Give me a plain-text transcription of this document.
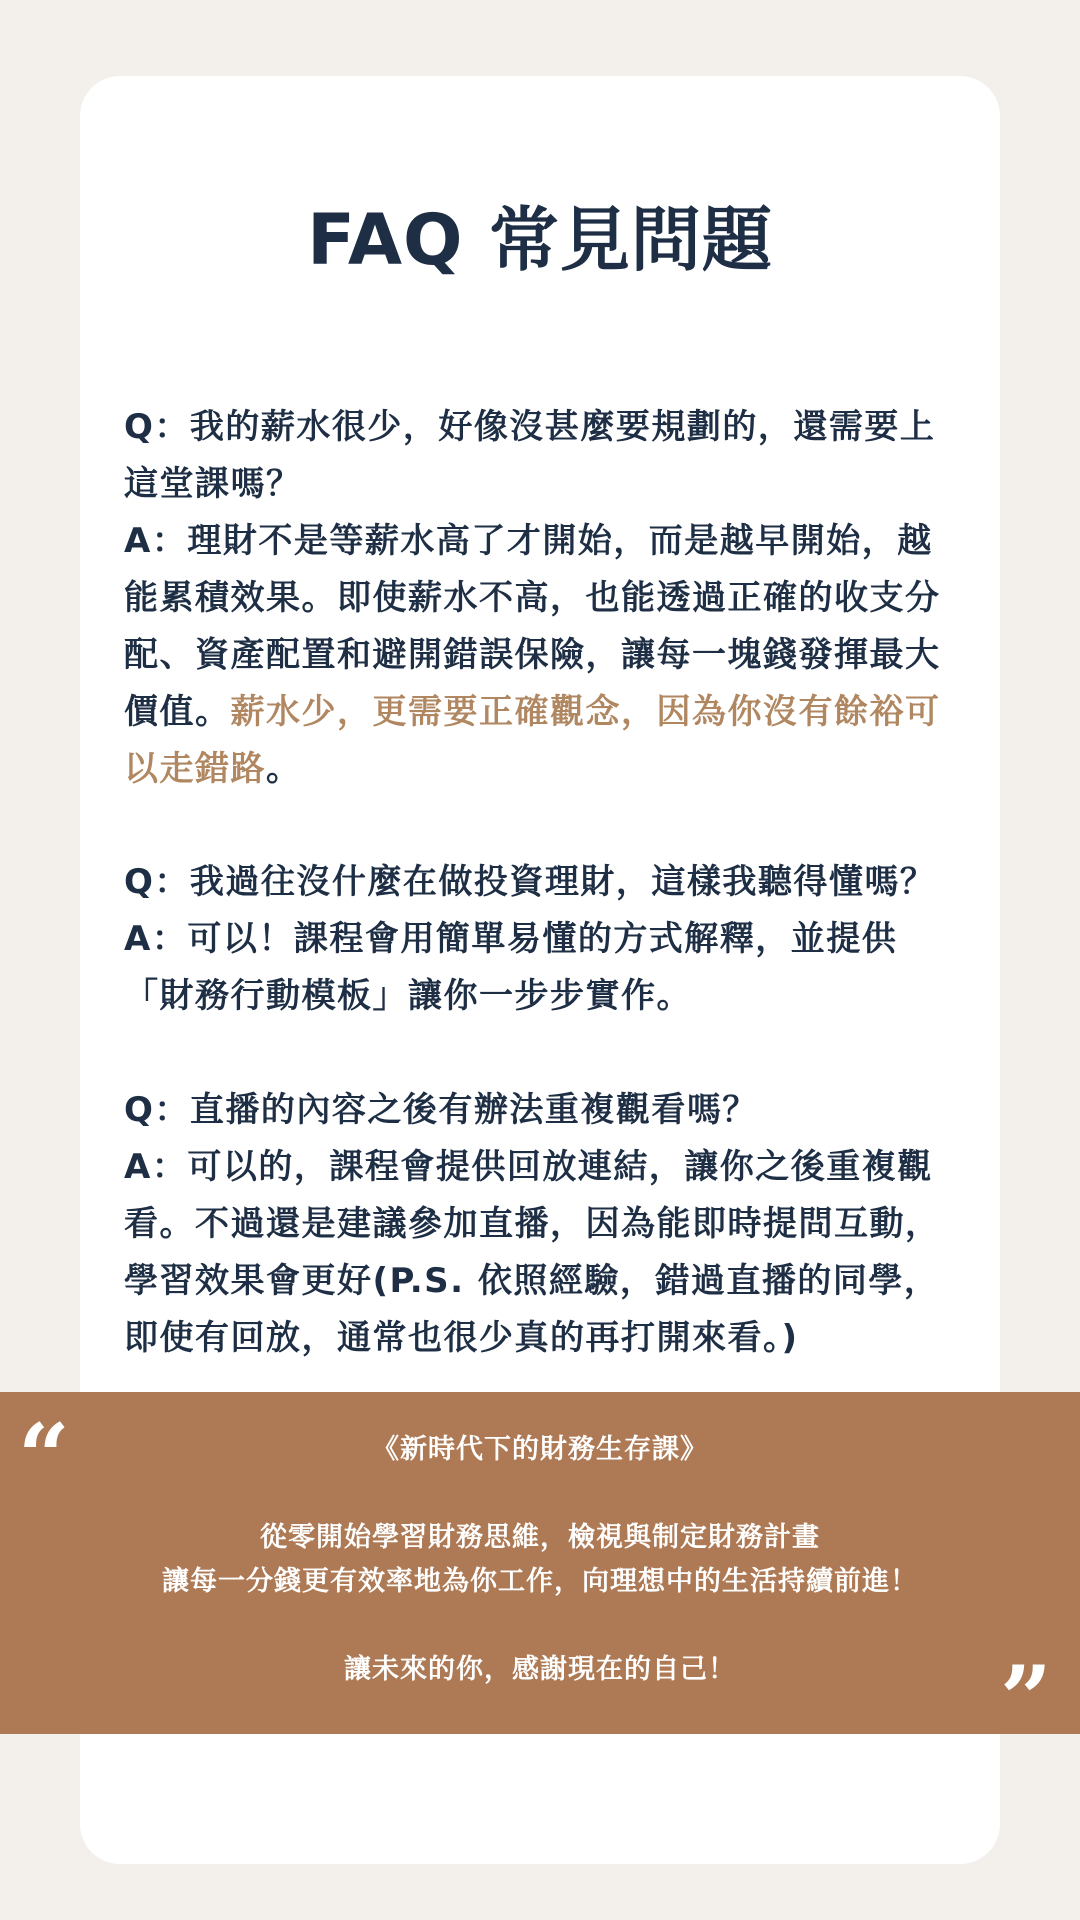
FAQ 常見問題

Q：我的薪水很少，好像沒甚麼要規劃的，還需要上這堂課嗎？

A：理財不是等薪水高了才開始，而是越早開始，越能累積效果。即使薪水不高，也能透過正確的收支分配、資產配置和避開錯誤保險，讓每一塊錢發揮最大價值。薪水少，更需要正確觀念，因為你沒有餘裕可以走錯路。

Q：我過往沒什麼在做投資理財，這樣我聽得懂嗎？

A：可以！課程會用簡單易懂的方式解釋，並提供「財務行動模板」讓你一步步實作。

Q：直播的內容之後有辦法重複觀看嗎？

A：可以的，課程會提供回放連結，讓你之後重複觀看。不過還是建議參加直播，因為能即時提問互動，學習效果會更好(P.S. 依照經驗，錯過直播的同學，即使有回放，通常也很少真的再打開來看。)

“	《新時代下的財務生存課》
從零開始學習財務思維，檢視與制定財務計畫
讓每一分錢更有效率地為你工作，向理想中的生活持續前進！
讓未來的你，感謝現在的自己！	”
